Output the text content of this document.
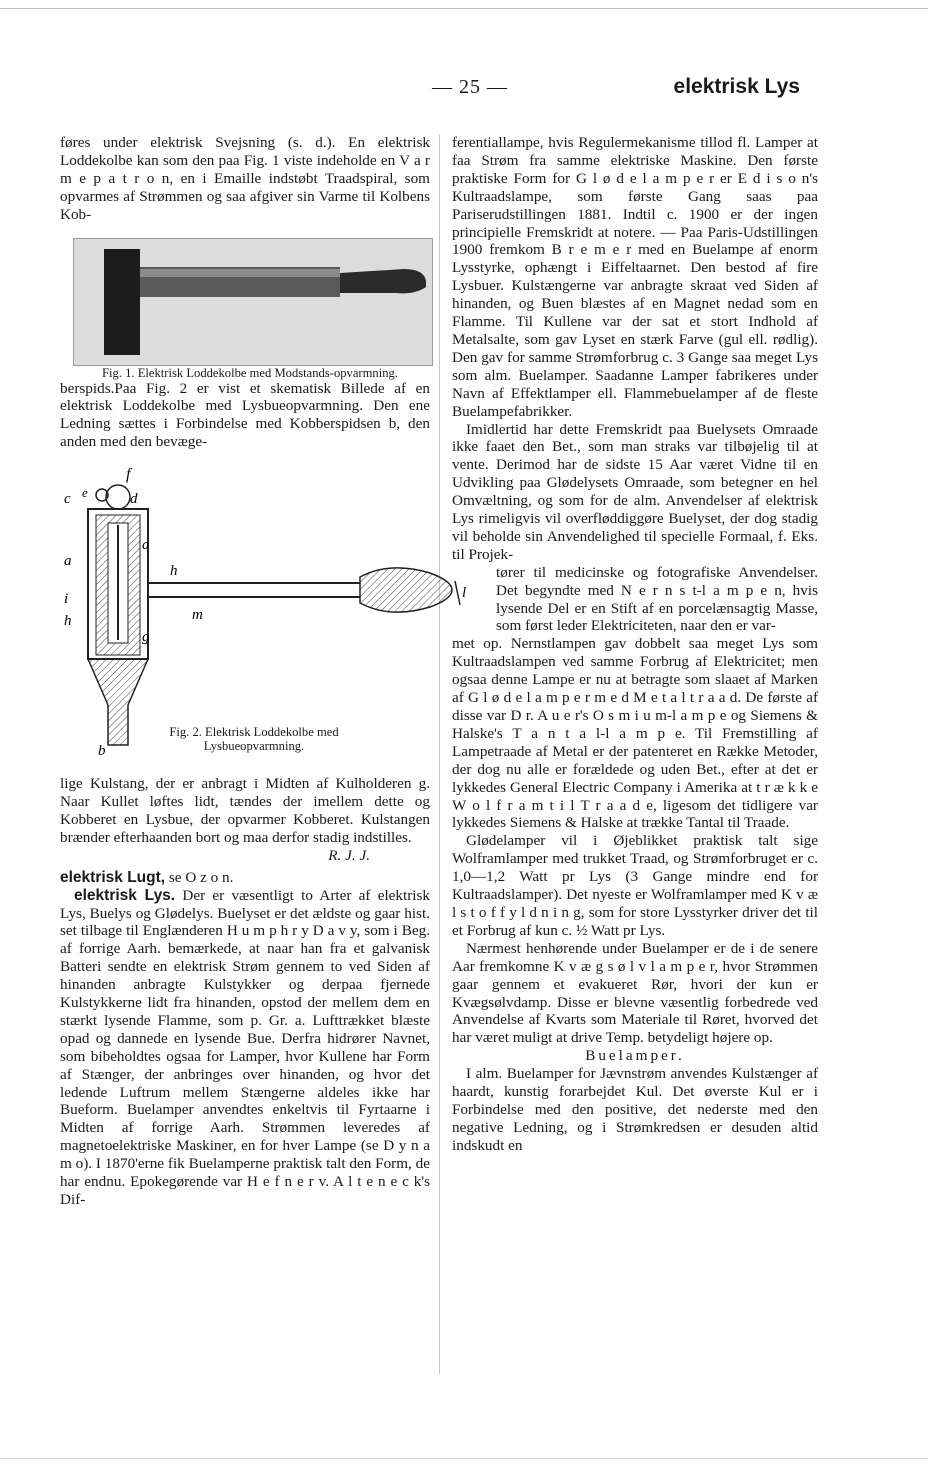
— 25 —	elektrisk Lys

føres under elektrisk Svejsning (s. d.). En elektrisk Loddekolbe kan som den paa Fig. 1 viste indeholde en V a r m e p a t r o n, en i Emaille indstøbt Traadspiral, som opvarmes af Strømmen og saa afgiver sin Varme til Kolbens Kob-

Fig. 1. Elektrisk Loddekolbe med Modstands-opvarmning.

berspids.Paa Fig. 2 er vist et skematisk Billede af en elektrisk Loddekolbe med Lysbueopvarmning. Den ene Ledning sættes i Forbindelse med Kobberspidsen b, den anden med den bevæge-

f
c e	d
a
a
i
h
h
g
m
l
b
Fig. 2. Elektrisk Loddekolbe med Lysbueopvarmning.

lige Kulstang, der er anbragt i Midten af Kulholderen g. Naar Kullet løftes lidt, tændes der imellem dette og Kobberet en Lysbue, der opvarmer Kobberet. Kulstangen brænder efterhaanden bort og maa derfor stadig indstilles.

R. J. J.

elektrisk Lugt, se O z o n.

elektrisk Lys. Der er væsentligt to Arter af elektrisk Lys, Buelys og Glødelys. Buelyset er det ældste og gaar hist. set tilbage til Englænderen H u m p h r y D a v y, som i Beg. af forrige Aarh. bemærkede, at naar han fra et galvanisk Batteri sendte en elektrisk Strøm gennem to ved Siden af hinanden anbragte Kulstykker og derpaa fjernede Kulstykkerne lidt fra hinanden, opstod der mellem dem en stærkt lysende Flamme, som p. Gr. a. Lufttrækket blæste opad og dannede en lysende Bue. Derfra hidrører Navnet, som bibeholdtes ogsaa for Lamper, hvor Kullene har Form af Stænger, der anbringes over hinanden, og hvor det ledende Luftrum mellem Stængerne aldeles ikke har Bueform. Buelamper anvendtes enkeltvis til Fyrtaarne i Midten af forrige Aarh. Strømmen leveredes af magnetoelektriske Maskiner, en for hver Lampe (se D y n a m o). I 1870'erne fik Buelamperne praktisk talt den Form, de har endnu. Epokegørende var H e f n e r v. A l t e n e c k's Dif-

ferentiallampe, hvis Regulermekanisme tillod fl. Lamper at faa Strøm fra samme elektriske Maskine. Den første praktiske Form for G l ø d e l a m p e r er E d i s o n's Kultraadslampe, som første Gang saas paa Pariserudstillingen 1881. Indtil c. 1900 er der ingen principielle Fremskridt at notere. — Paa Paris-Udstillingen 1900 fremkom B r e m e r med en Buelampe af enorm Lysstyrke, ophængt i Eiffeltaarnet. Den bestod af fire Lysbuer. Kulstængerne var anbragte skraat ved Siden af hinanden, og Buen blæstes af en Magnet nedad som en Flamme. Til Kullene var der sat et stort Indhold af Metalsalte, som gav Lyset en stærk Farve (gul ell. rødlig). Den gav for samme Strømforbrug c. 3 Gange saa meget Lys som alm. Buelamper. Saadanne Lamper fabrikeres under Navn af Effektlamper ell. Flammebuelamper af de fleste Buelampefabrikker.

Imidlertid har dette Fremskridt paa Buelysets Omraade ikke faaet den Bet., som man straks var tilbøjelig til at vente. Derimod har de sidste 15 Aar været Vidne til en Udvikling paa Glødelysets Omraade, som betegner en hel Omvæltning, og som for de alm. Anvendelser af elektrisk Lys rimeligvis vil overfløddiggøre Buelyset, der dog stadig vil beholde sin Anvendelighed til specielle Formaal, f. Eks. til Projek-

tører til medicinske og fotografiske Anvendelser. Det begyndte med N e r n s t-l a m p e n, hvis lysende Del er en Stift af en porcelænsagtig Masse, som først leder Elektriciteten, naar den er var-

met op. Nernstlampen gav dobbelt saa meget Lys som Kultraadslampen ved samme Forbrug af Elektricitet; men ogsaa denne Lampe er nu at betragte som slaaet af Marken af G l ø d e l a m p e r m e d M e t a l t r a a d. De første af disse var D r. A u e r's O s m i u m-l a m p e og Siemens & Halske's T a n t a l-l a m p e. Til Fremstilling af Lampetraade af Metal er der patenteret en Række Metoder, der dog nu alle er forældede og uden Bet., efter at det er lykkedes General Electric Company i Amerika at t r æ k k e W o l f r a m t i l T r a a d e, ligesom det tidligere var lykkedes Siemens & Halske at trække Tantal til Traade.

Glødelamper vil i Øjeblikket praktisk talt sige Wolframlamper med trukket Traad, og Strømforbruget er c. 1,0—1,2 Watt pr Lys (3 Gange mindre end for Kultraadslamper). Det nyeste er Wolframlamper med K v æ l s t o f f y l d n i n g, som for store Lysstyrker driver det til et Forbrug af kun c. ½ Watt pr Lys.

Nærmest henhørende under Buelamper er de i de senere Aar fremkomne K v æ g s ø l v l a m p e r, hvor Strømmen gaar gennem et evakueret Rør, hvori der kun er Kvægsølvdamp. Disse er blevne væsentlig forbedrede ved Anvendelse af Kvarts som Materiale til Røret, hvorved det har været muligt at drive Temp. betydeligt højere op.

Buelamper.

I alm. Buelamper for Jævnstrøm anvendes Kulstænger af haardt, kunstig forarbejdet Kul. Det øverste Kul er i Forbindelse med den positive, det nederste med den negative Ledning, og i Strømkredsen er desuden altid indskudt en
